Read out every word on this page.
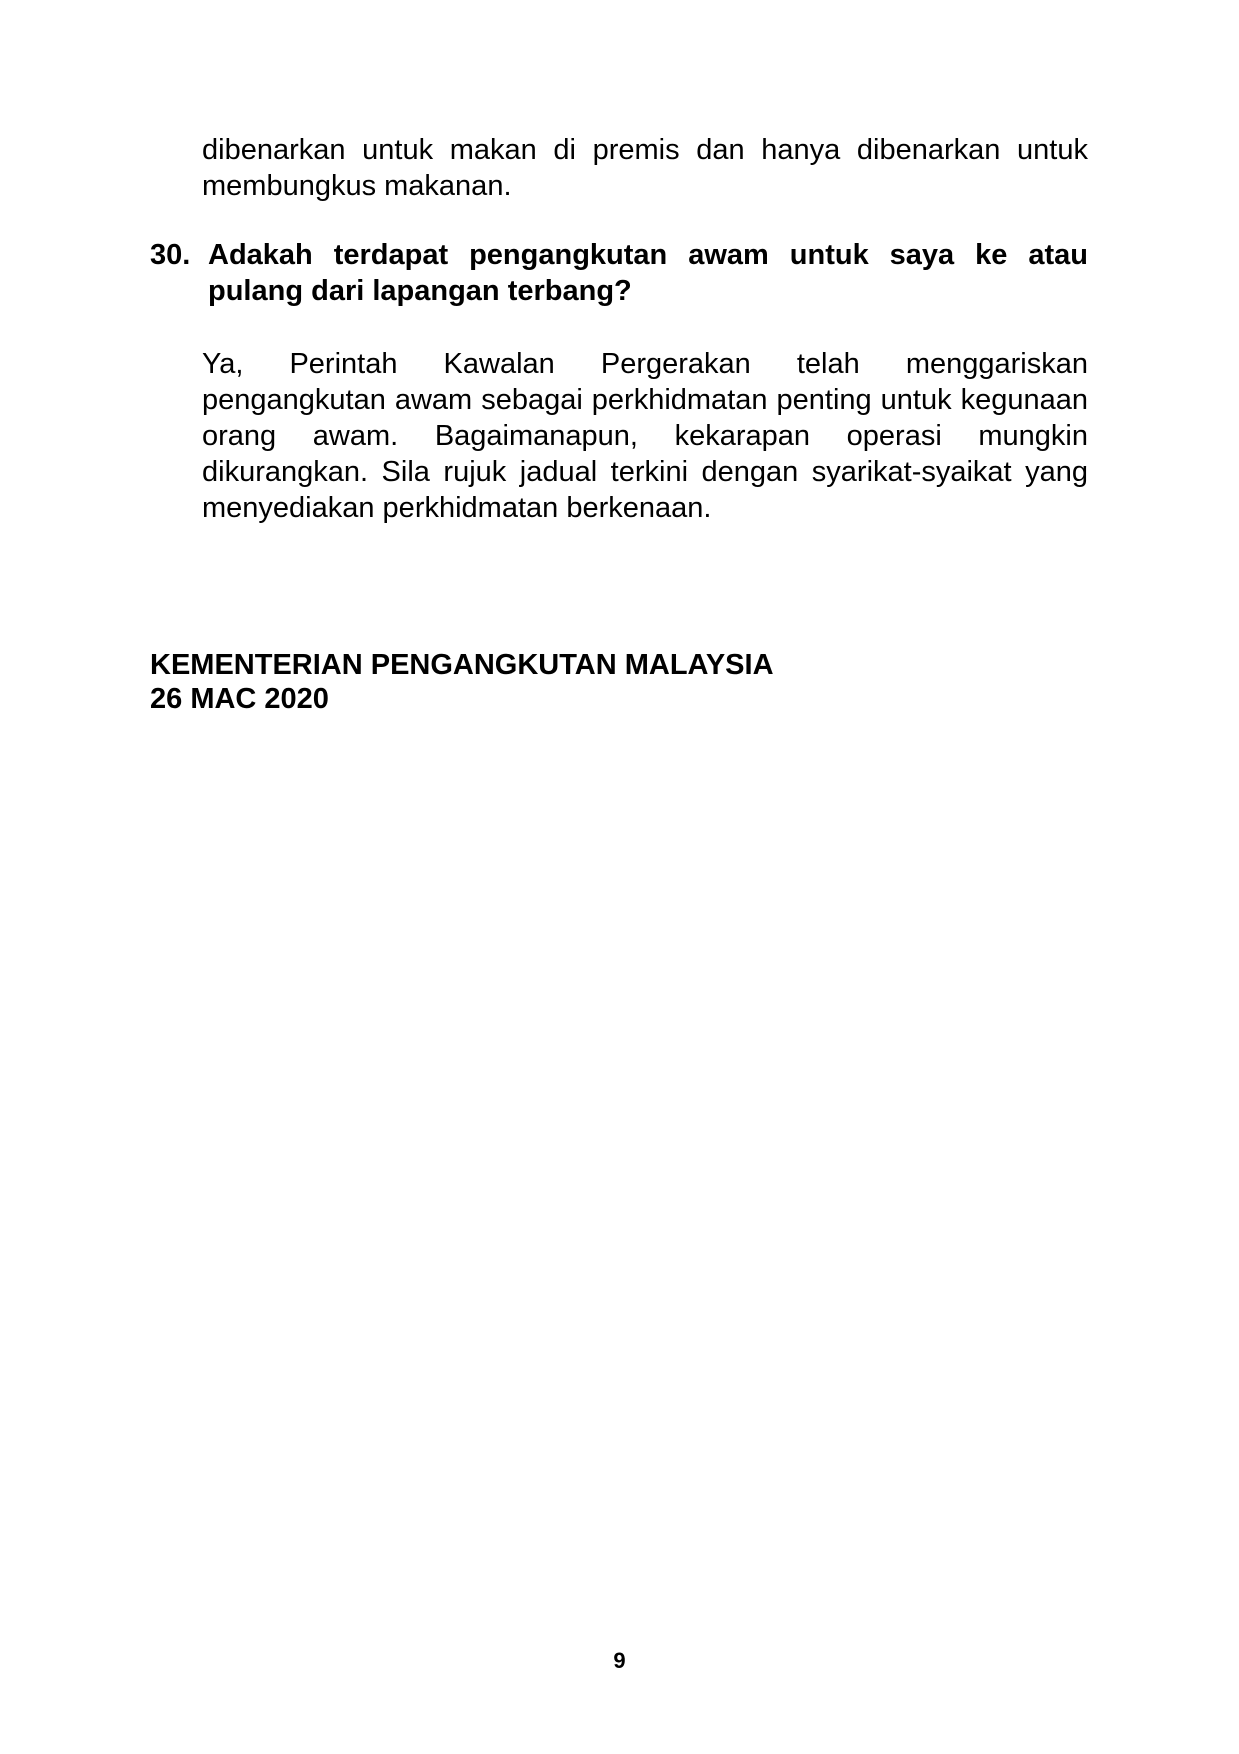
dibenarkan untuk makan di premis dan hanya dibenarkan untuk membungkus makanan.

30. Adakah terdapat pengangkutan awam untuk saya ke atau pulang dari lapangan terbang?

Ya, Perintah Kawalan Pergerakan telah menggariskan pengangkutan awam sebagai perkhidmatan penting untuk kegunaan orang awam. Bagaimanapun, kekarapan operasi mungkin dikurangkan. Sila rujuk jadual terkini dengan syarikat-syaikat yang menyediakan perkhidmatan berkenaan.

KEMENTERIAN PENGANGKUTAN MALAYSIA
26 MAC 2020
9
